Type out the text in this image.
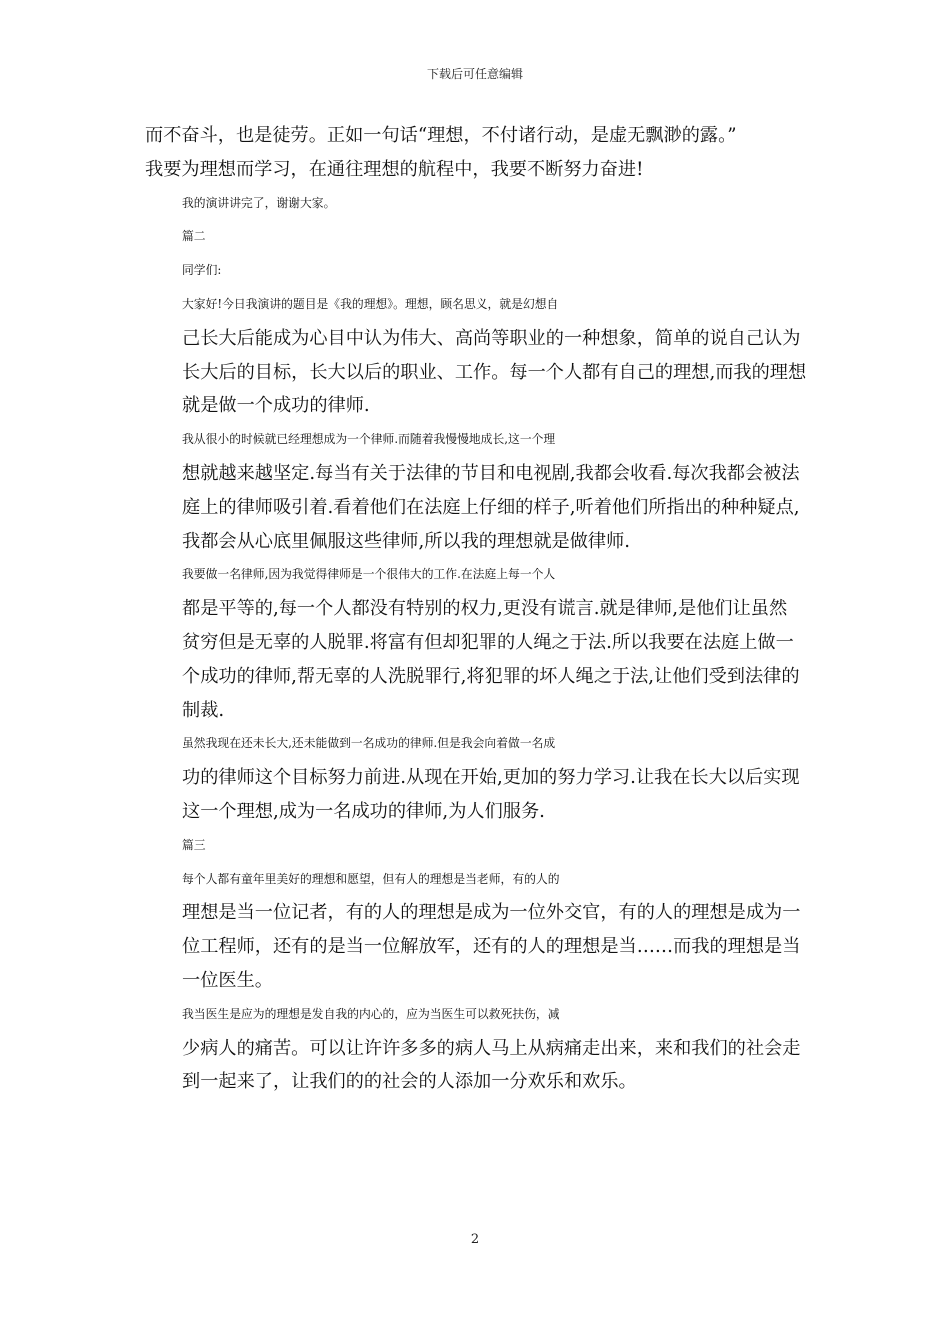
下载后可任意编辑
而不奋斗，也是徒劳。正如一句话“理想，不付诸行动，是虚无飘渺的露。”
我要为理想而学习，在通往理想的航程中，我要不断努力奋进!
我的演讲讲完了，谢谢大家。
篇二
同学们:
大家好!今日我演讲的题目是《我的理想》。理想，顾名思义，就是幻想自
己长大后能成为心目中认为伟大、高尚等职业的一种想象，简单的说自己认为
长大后的目标，长大以后的职业、工作。每一个人都有自己的理想,而我的理想
就是做一个成功的律师.
我从很小的时候就已经理想成为一个律师.而随着我慢慢地成长,这一个理
想就越来越坚定.每当有关于法律的节目和电视剧,我都会收看.每次我都会被法
庭上的律师吸引着.看着他们在法庭上仔细的样子,听着他们所指出的种种疑点,
我都会从心底里佩服这些律师,所以我的理想就是做律师.
我要做一名律师,因为我觉得律师是一个很伟大的工作.在法庭上每一个人
都是平等的,每一个人都没有特别的权力,更没有谎言.就是律师,是他们让虽然
贫穷但是无辜的人脱罪.将富有但却犯罪的人绳之于法.所以我要在法庭上做一
个成功的律师,帮无辜的人洗脱罪行,将犯罪的坏人绳之于法,让他们受到法律的
制裁.
虽然我现在还未长大,还未能做到一名成功的律师.但是我会向着做一名成
功的律师这个目标努力前进.从现在开始,更加的努力学习.让我在长大以后实现
这一个理想,成为一名成功的律师,为人们服务.
篇三
每个人都有童年里美好的理想和愿望，但有人的理想是当老师，有的人的
理想是当一位记者，有的人的理想是成为一位外交官，有的人的理想是成为一
位工程师，还有的是当一位解放军，还有的人的理想是当……而我的理想是当
一位医生。
我当医生是应为的理想是发自我的内心的，应为当医生可以救死扶伤，减
少病人的痛苦。可以让许许多多的病人马上从病痛走出来，来和我们的社会走
到一起来了，让我们的的社会的人添加一分欢乐和欢乐。
2
